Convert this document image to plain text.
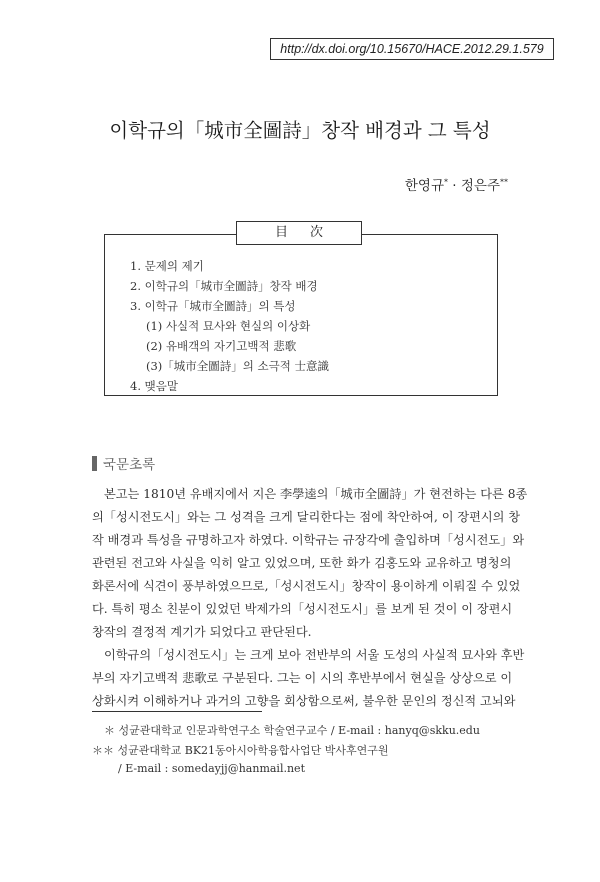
http://dx.doi.org/10.15670/HACE.2012.29.1.579
이학규의「城市全圖詩」창작 배경과 그 특성
한영규* · 정은주**
目次
1. 문제의 제기
2. 이학규의「城市全圖詩」창작 배경
3. 이학규「城市全圖詩」의 특성
(1) 사실적 묘사와 현실의 이상화
(2) 유배객의 자기고백적 悲歌
(3)「城市全圖詩」의 소극적 士意識
4. 맺음말
국문초록
본고는 1810년 유배지에서 지은 李學逵의「城市全圖詩」가 현전하는 다른 8종
의「성시전도시」와는 그 성격을 크게 달리한다는 점에 착안하여, 이 장편시의 창
작 배경과 특성을 규명하고자 하였다. 이학규는 규장각에 출입하며「성시전도」와
관련된 전고와 사실을 익히 알고 있었으며, 또한 화가 김홍도와 교유하고 명청의
화론서에 식견이 풍부하였으므로,「성시전도시」창작이 용이하게 이뤄질 수 있었
다. 특히 평소 친분이 있었던 박제가의「성시전도시」를 보게 된 것이 이 장편시
창작의 결정적 계기가 되었다고 판단된다.
이학규의「성시전도시」는 크게 보아 전반부의 서울 도성의 사실적 묘사와 후반
부의 자기고백적 悲歌로 구분된다. 그는 이 시의 후반부에서 현실을 상상으로 이
상화시켜 이해하거나 과거의 고향을 회상함으로써, 불우한 문인의 정신적 고뇌와
＊ 성균관대학교 인문과학연구소 학술연구교수 / E-mail : hanyq@skku.edu
＊＊ 성균관대학교 BK21동아시아학융합사업단 박사후연구원
/ E-mail : somedayjj@hanmail.net
